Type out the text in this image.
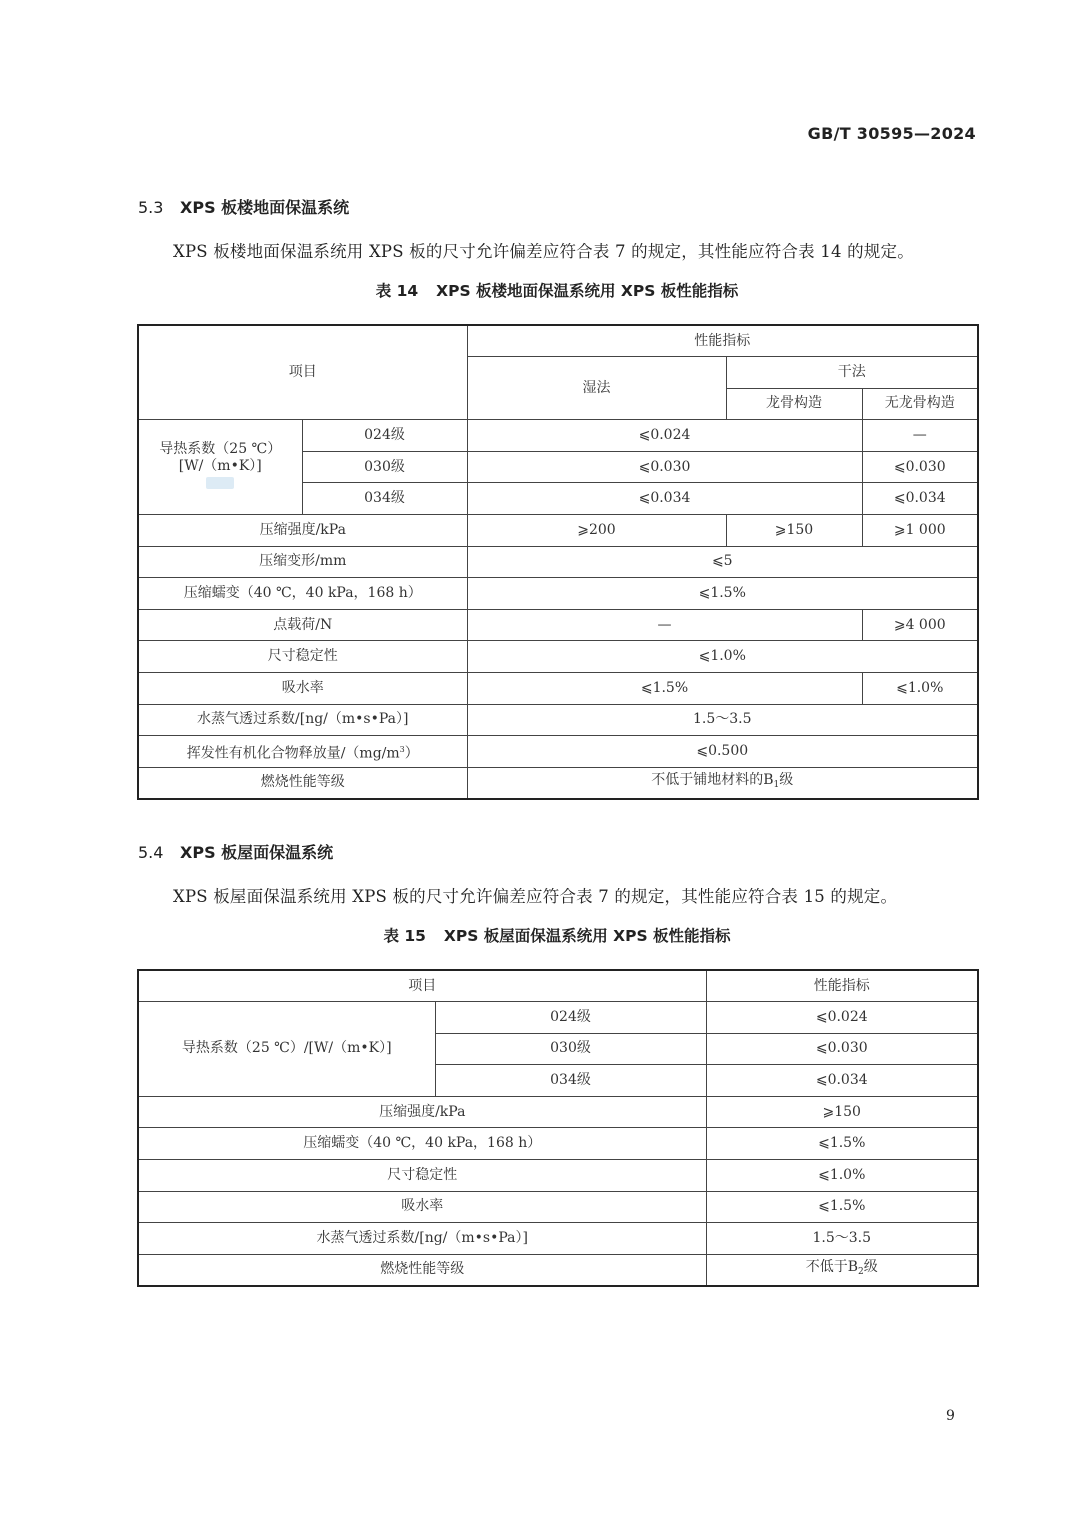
GB/T 30595—2024
5.3 XPS 板楼地面保温系统
XPS 板楼地面保温系统用 XPS 板的尺寸允许偏差应符合表 7 的规定，其性能应符合表 14 的规定。
表 14 XPS 板楼地面保温系统用 XPS 板性能指标
项目		性能指标		
		湿法	干法	
			龙骨构造	无龙骨构造

导热系数（25 ℃）
[W/（m•K）]	024级	⩽0.024		—
	030级	⩽0.030		⩽0.030
	034级	⩽0.034		⩽0.034
压缩强度/kPa		⩾200	⩾150	⩾1 000
压缩变形/mm		⩽5		
压缩蠕变（40 ℃，40 kPa，168 h）		⩽1.5%		
点载荷/N		—		⩾4 000
尺寸稳定性		⩽1.0%		
吸水率		⩽1.5%		⩽1.0%
水蒸气透过系数/[ng/（m•s•Pa）]		1.5～3.5		
挥发性有机化合物释放量$/(mg/m^3)$		⩽0.500		
燃烧性能等级		不低于铺地材料的$B_1$级		
5.4 XPS 板屋面保温系统
XPS 板屋面保温系统用 XPS 板的尺寸允许偏差应符合表 7 的规定，其性能应符合表 15 的规定。
表 15 XPS 板屋面保温系统用 XPS 板性能指标
项目		性能指标
导热系数（25 ℃）/[W/（m•K）]	024级	⩽0.024
	030级	⩽0.030
	034级	⩽0.034
压缩强度/kPa		⩾150
压缩蠕变（40 ℃，40 kPa，168 h）		⩽1.5%
尺寸稳定性		⩽1.0%
吸水率		⩽1.5%
水蒸气透过系数/[ng/（m•s•Pa）]		1.5～3.5
燃烧性能等级		不低于$B_2$级
9
